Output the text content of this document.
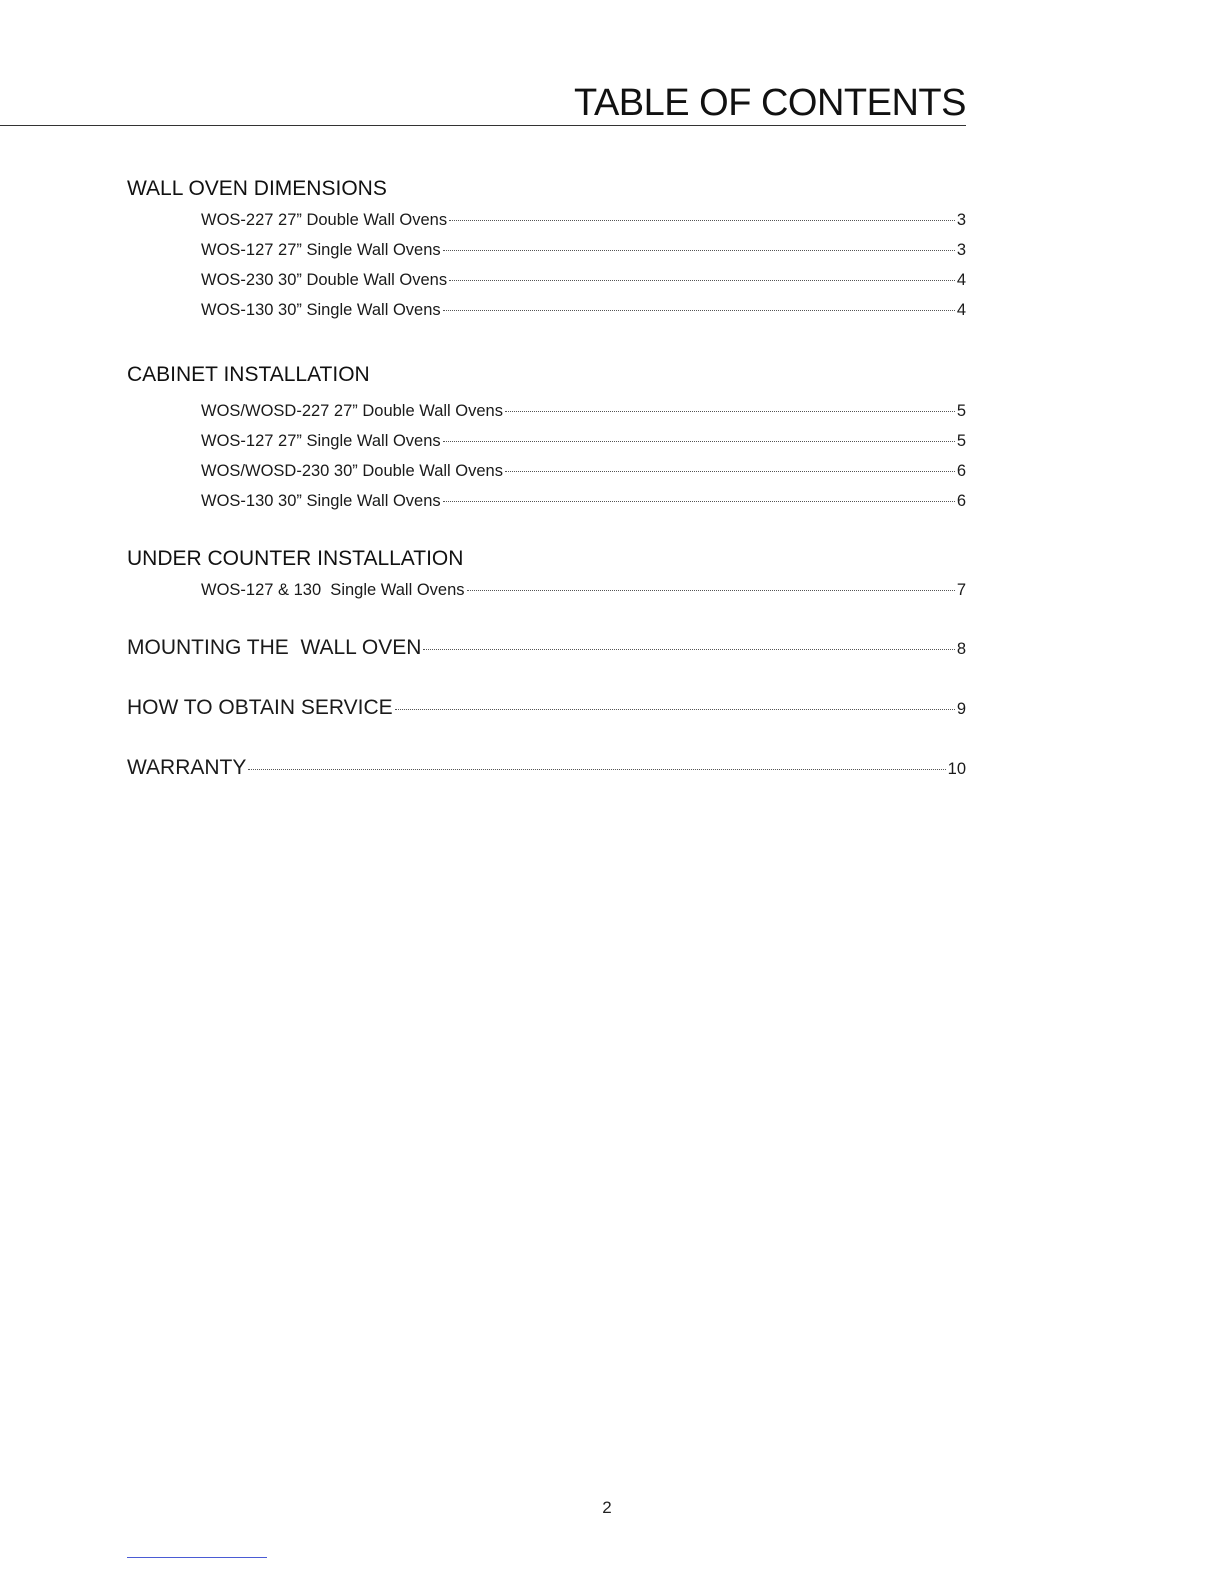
TABLE OF CONTENTS
WALL OVEN DIMENSIONS
WOS-227 27” Double Wall Ovens	3
WOS-127 27” Single Wall Ovens	3
WOS-230 30” Double Wall Ovens	4
WOS-130 30” Single Wall Ovens	4
CABINET INSTALLATION
WOS/WOSD-227 27” Double Wall Ovens	5
WOS-127 27” Single Wall Ovens	5
WOS/WOSD-230 30” Double Wall Ovens	6
WOS-130 30” Single Wall Ovens	6
UNDER COUNTER INSTALLATION
WOS-127 & 130  Single Wall Ovens	7
MOUNTING THE  WALL OVEN	8
HOW TO OBTAIN SERVICE	9
WARRANTY	10
2
